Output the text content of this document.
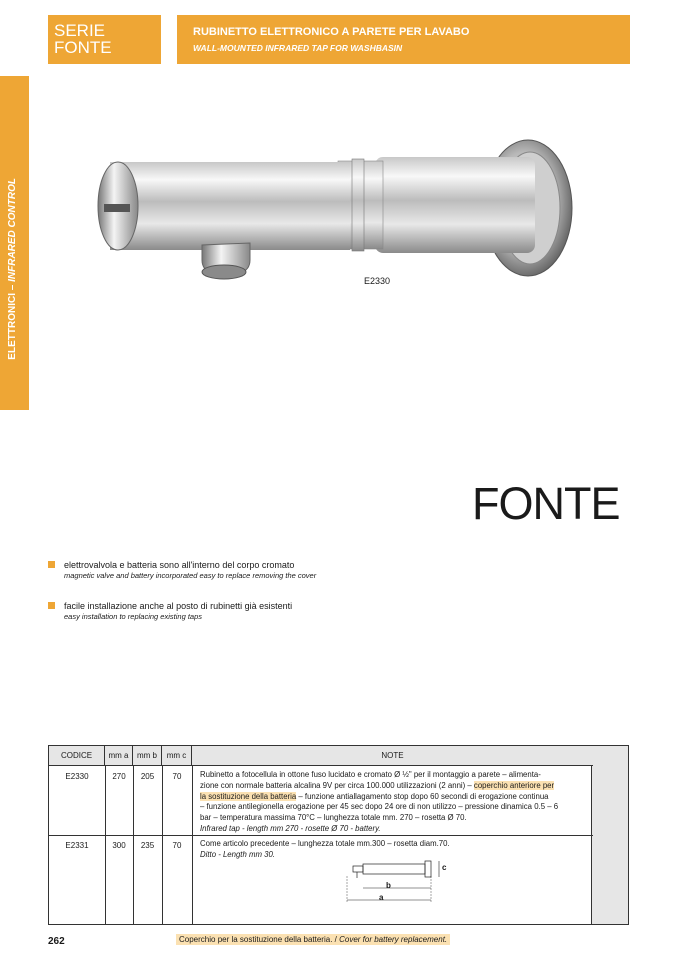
SERIE
FONTE
RUBINETTO ELETTRONICO A PARETE PER LAVABO
WALL-MOUNTED INFRARED TAP FOR WASHBASIN
ELETTRONICI – INFRARED CONTROL	E2330
FONTE
elettrovalvola e batteria sono all'interno del corpo cromato
magnetic valve and battery incorporated easy to replace removing the cover
facile installazione anche al posto di rubinetti già esistenti
easy installation to replacing existing taps
CODICE	mm a	mm b	mm c	NOTE
E2330	270	205	70	Rubinetto a fotocellula in ottone fuso lucidato e cromato Ø ½" per il montaggio a parete – alimenta-
zione con normale batteria alcalina 9V per circa 100.000 utilizzazioni (2 anni) – coperchio anteriore per
la sostituzione della batteria – funzione antiallagamento stop dopo 60 secondi di erogazione continua
– funzione antilegionella erogazione per 45 sec dopo 24 ore di non utilizzo – pressione dinamica 0.5 – 6
bar – temperatura massima 70°C – lunghezza totale mm. 270 – rosetta Ø 70.
Infrared tap - length mm 270 - rosette Ø 70 - battery.
E2331	300	235	70	Come articolo precedente – lunghezza totale mm.300 – rosetta diam.70.
Ditto - Length mm 30.
c
b
a
262	Coperchio per la sostituzione della batteria. / Cover for battery replacement.
